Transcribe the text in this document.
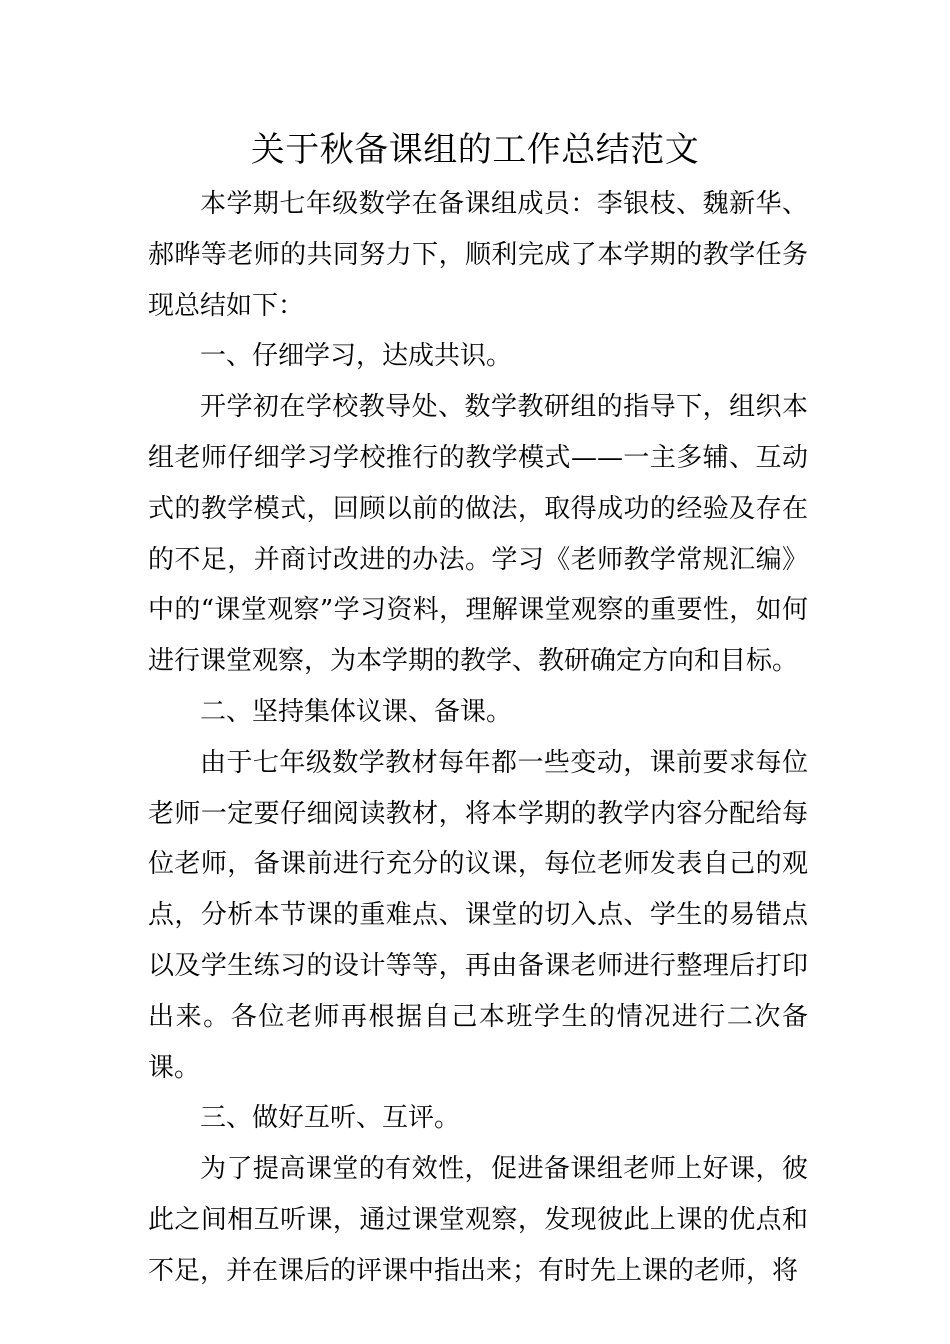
关于秋备课组的工作总结范文

本学期七年级数学在备课组成员：李银枝、魏新华、郝晔等老师的共同努力下，顺利完成了本学期的教学任务现总结如下：

一、仔细学习，达成共识。

开学初在学校教导处、数学教研组的指导下，组织本组老师仔细学习学校推行的教学模式——一主多辅、互动式的教学模式，回顾以前的做法，取得成功的经验及存在的不足，并商讨改进的办法。学习《老师教学常规汇编》中的“课堂观察”学习资料，理解课堂观察的重要性，如何进行课堂观察，为本学期的教学、教研确定方向和目标。

二、坚持集体议课、备课。

由于七年级数学教材每年都一些变动，课前要求每位老师一定要仔细阅读教材，将本学期的教学内容分配给每位老师，备课前进行充分的议课，每位老师发表自己的观点，分析本节课的重难点、课堂的切入点、学生的易错点以及学生练习的设计等等，再由备课老师进行整理后打印出来。各位老师再根据自己本班学生的情况进行二次备课。

三、做好互听、互评。

为了提高课堂的有效性，促进备课组老师上好课，彼此之间相互听课，通过课堂观察，发现彼此上课的优点和不足，并在课后的评课中指出来；有时先上课的老师，将
